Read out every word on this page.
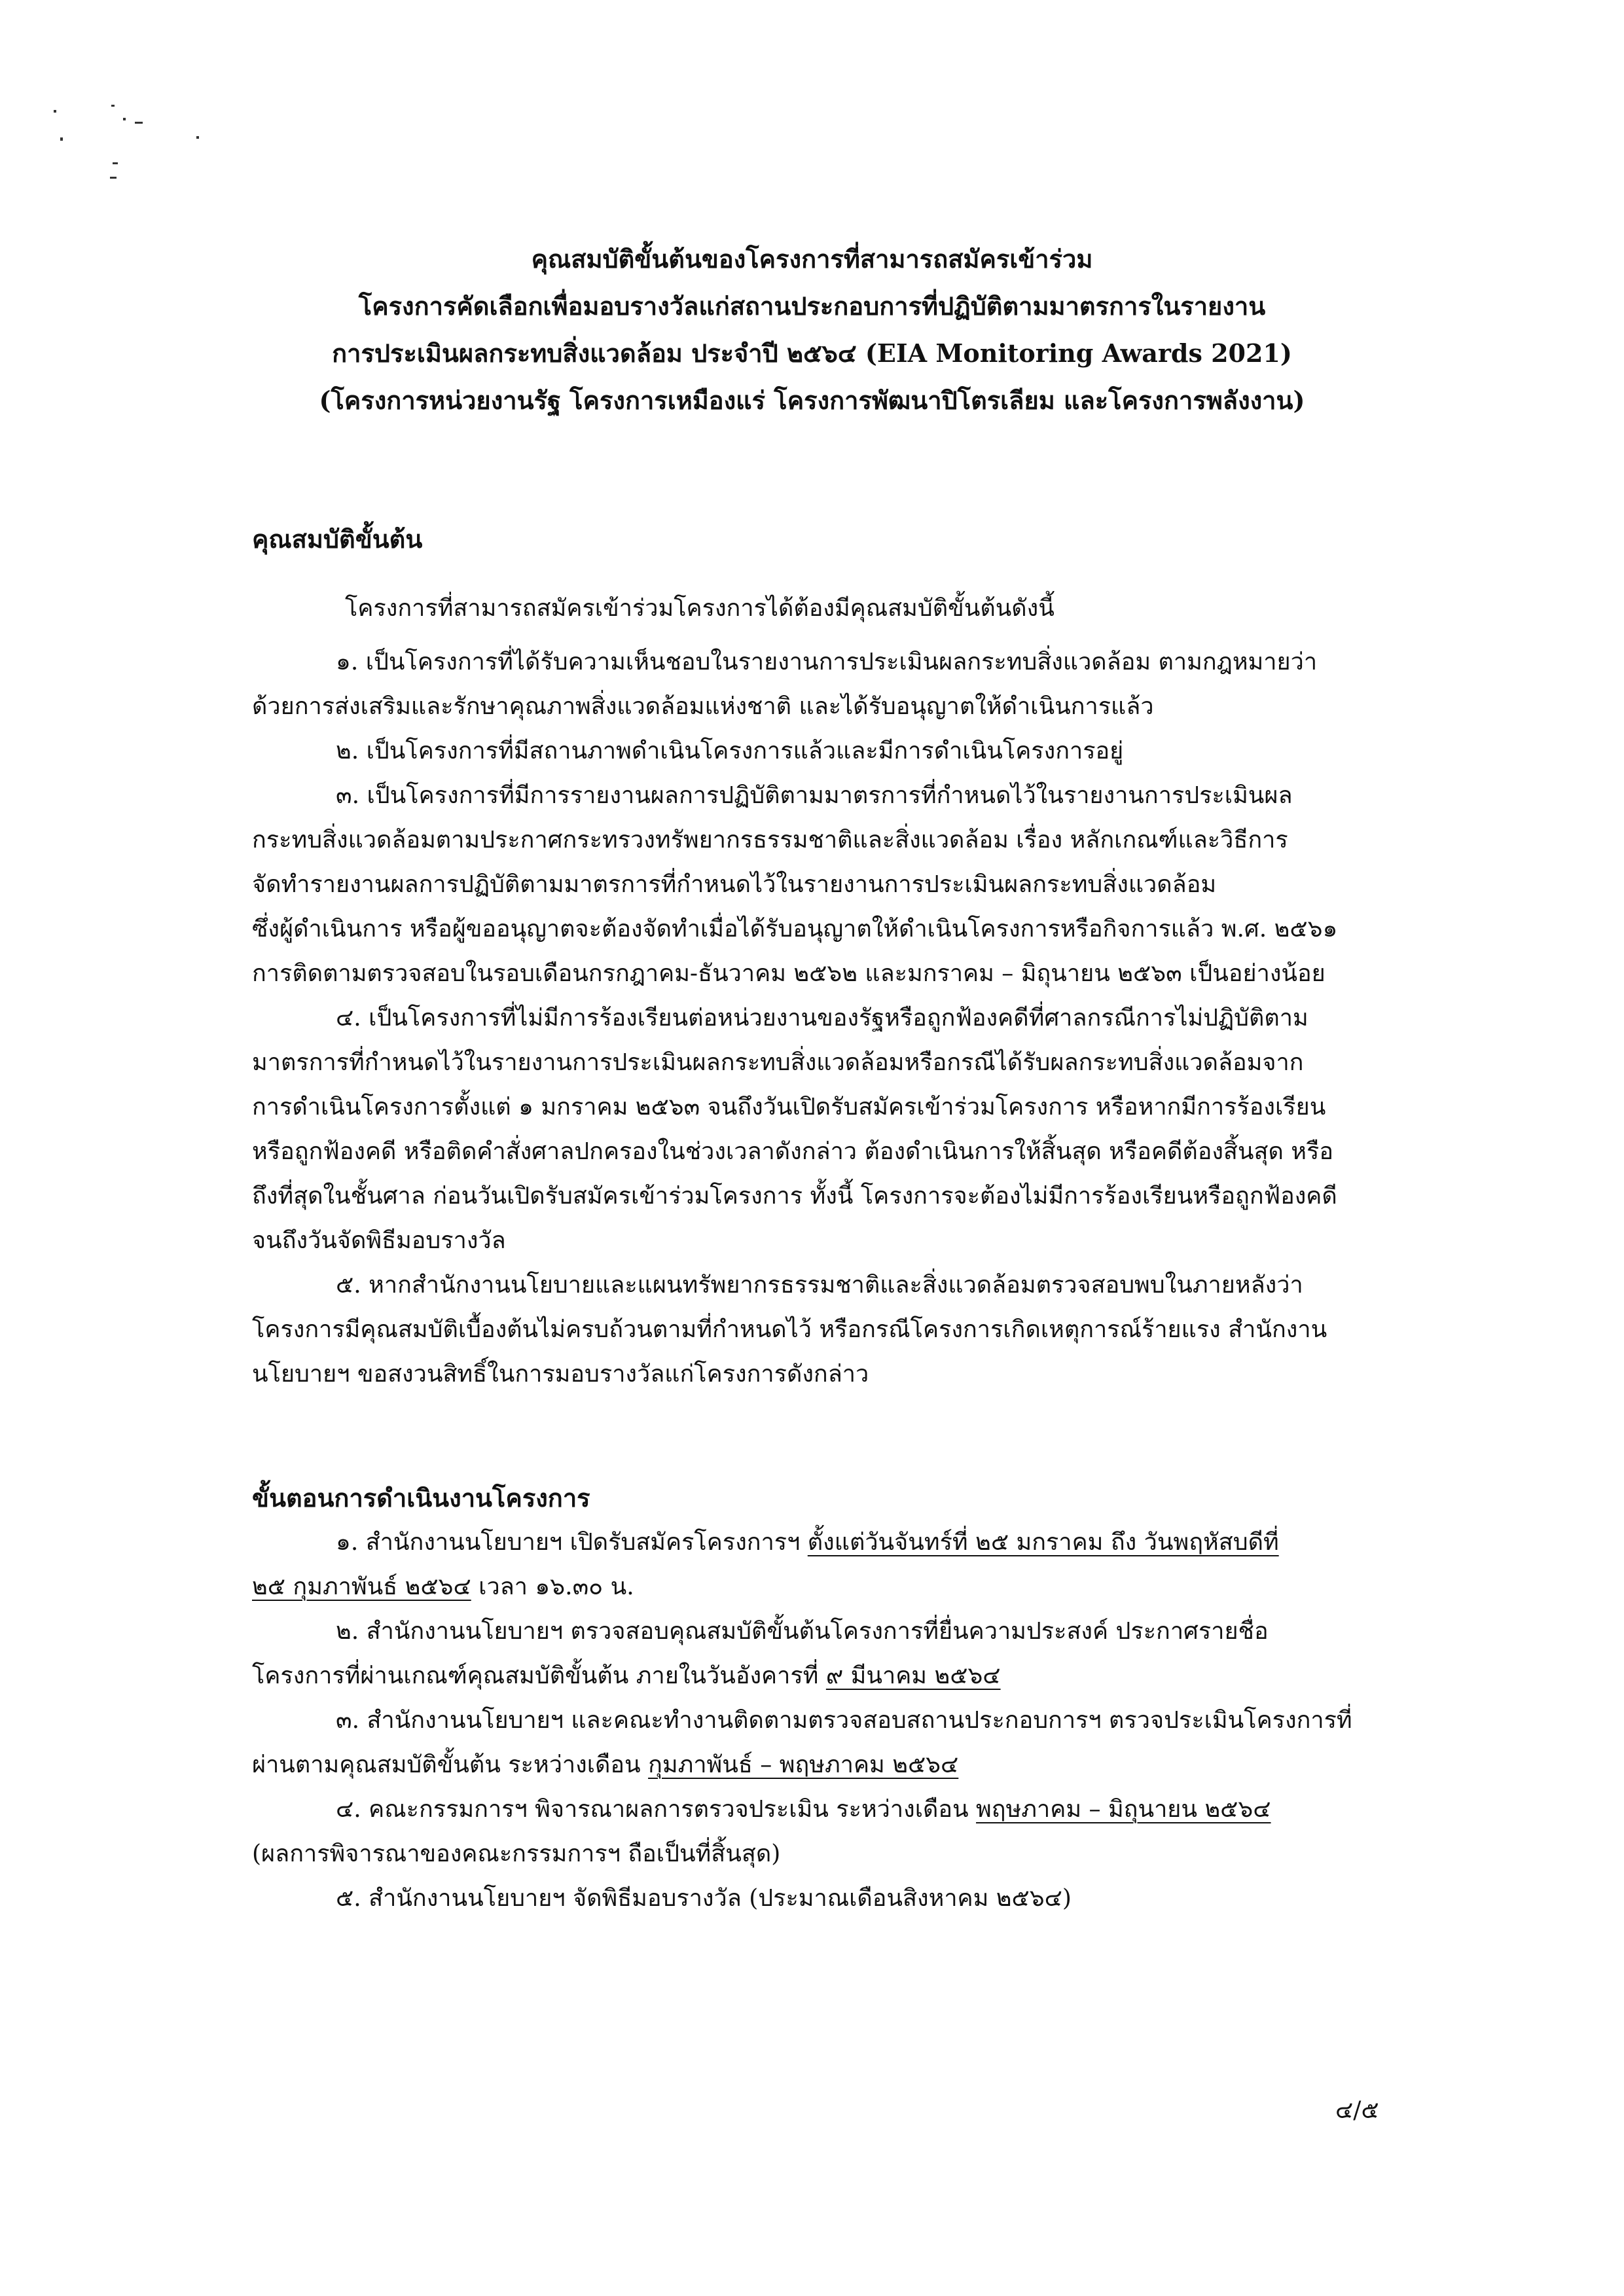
คุณสมบัติขั้นต้นของโครงการที่สามารถสมัครเข้าร่วม
โครงการคัดเลือกเพื่อมอบรางวัลแก่สถานประกอบการที่ปฏิบัติตามมาตรการในรายงาน
การประเมินผลกระทบสิ่งแวดล้อม ประจำปี ๒๕๖๔ (EIA Monitoring Awards 2021)
(โครงการหน่วยงานรัฐ โครงการเหมืองแร่ โครงการพัฒนาปิโตรเลียม และโครงการพลังงาน)
คุณสมบัติขั้นต้น
โครงการที่สามารถสมัครเข้าร่วมโครงการได้ต้องมีคุณสมบัติขั้นต้นดังนี้
๑. เป็นโครงการที่ได้รับความเห็นชอบในรายงานการประเมินผลกระทบสิ่งแวดล้อม ตามกฎหมายว่า
ด้วยการส่งเสริมและรักษาคุณภาพสิ่งแวดล้อมแห่งชาติ และได้รับอนุญาตให้ดำเนินการแล้ว
๒. เป็นโครงการที่มีสถานภาพดำเนินโครงการแล้วและมีการดำเนินโครงการอยู่
๓. เป็นโครงการที่มีการรายงานผลการปฏิบัติตามมาตรการที่กำหนดไว้ในรายงานการประเมินผล
กระทบสิ่งแวดล้อมตามประกาศกระทรวงทรัพยากรธรรมชาติและสิ่งแวดล้อม เรื่อง หลักเกณฑ์และวิธีการ
จัดทำรายงานผลการปฏิบัติตามมาตรการที่กำหนดไว้ในรายงานการประเมินผลกระทบสิ่งแวดล้อม
ซึ่งผู้ดำเนินการ หรือผู้ขออนุญาตจะต้องจัดทำเมื่อได้รับอนุญาตให้ดำเนินโครงการหรือกิจการแล้ว พ.ศ. ๒๕๖๑
การติดตามตรวจสอบในรอบเดือนกรกฎาคม-ธันวาคม ๒๕๖๒ และมกราคม – มิถุนายน ๒๕๖๓ เป็นอย่างน้อย
๔. เป็นโครงการที่ไม่มีการร้องเรียนต่อหน่วยงานของรัฐหรือถูกฟ้องคดีที่ศาลกรณีการไม่ปฏิบัติตาม
มาตรการที่กำหนดไว้ในรายงานการประเมินผลกระทบสิ่งแวดล้อมหรือกรณีได้รับผลกระทบสิ่งแวดล้อมจาก
การดำเนินโครงการตั้งแต่ ๑ มกราคม ๒๕๖๓ จนถึงวันเปิดรับสมัครเข้าร่วมโครงการ หรือหากมีการร้องเรียน
หรือถูกฟ้องคดี หรือติดคำสั่งศาลปกครองในช่วงเวลาดังกล่าว ต้องดำเนินการให้สิ้นสุด หรือคดีต้องสิ้นสุด หรือ
ถึงที่สุดในชั้นศาล ก่อนวันเปิดรับสมัครเข้าร่วมโครงการ ทั้งนี้ โครงการจะต้องไม่มีการร้องเรียนหรือถูกฟ้องคดี
จนถึงวันจัดพิธีมอบรางวัล
๕. หากสำนักงานนโยบายและแผนทรัพยากรธรรมชาติและสิ่งแวดล้อมตรวจสอบพบในภายหลังว่า
โครงการมีคุณสมบัติเบื้องต้นไม่ครบถ้วนตามที่กำหนดไว้ หรือกรณีโครงการเกิดเหตุการณ์ร้ายแรง สำนักงาน
นโยบายฯ ขอสงวนสิทธิ์ในการมอบรางวัลแก่โครงการดังกล่าว
ขั้นตอนการดำเนินงานโครงการ
๑. สำนักงานนโยบายฯ เปิดรับสมัครโครงการฯ ตั้งแต่วันจันทร์ที่ ๒๕ มกราคม ถึง วันพฤหัสบดีที่
๒๕ กุมภาพันธ์ ๒๕๖๔ เวลา ๑๖.๓๐ น.
๒. สำนักงานนโยบายฯ ตรวจสอบคุณสมบัติขั้นต้นโครงการที่ยื่นความประสงค์ ประกาศรายชื่อ
โครงการที่ผ่านเกณฑ์คุณสมบัติขั้นต้น ภายในวันอังคารที่ ๙ มีนาคม ๒๕๖๔
๓. สำนักงานนโยบายฯ และคณะทำงานติดตามตรวจสอบสถานประกอบการฯ ตรวจประเมินโครงการที่
ผ่านตามคุณสมบัติขั้นต้น ระหว่างเดือน กุมภาพันธ์ – พฤษภาคม ๒๕๖๔
๔. คณะกรรมการฯ พิจารณาผลการตรวจประเมิน ระหว่างเดือน พฤษภาคม – มิถุนายน ๒๕๖๔
(ผลการพิจารณาของคณะกรรมการฯ ถือเป็นที่สิ้นสุด)
๕. สำนักงานนโยบายฯ จัดพิธีมอบรางวัล (ประมาณเดือนสิงหาคม ๒๕๖๔)
๔/๕
